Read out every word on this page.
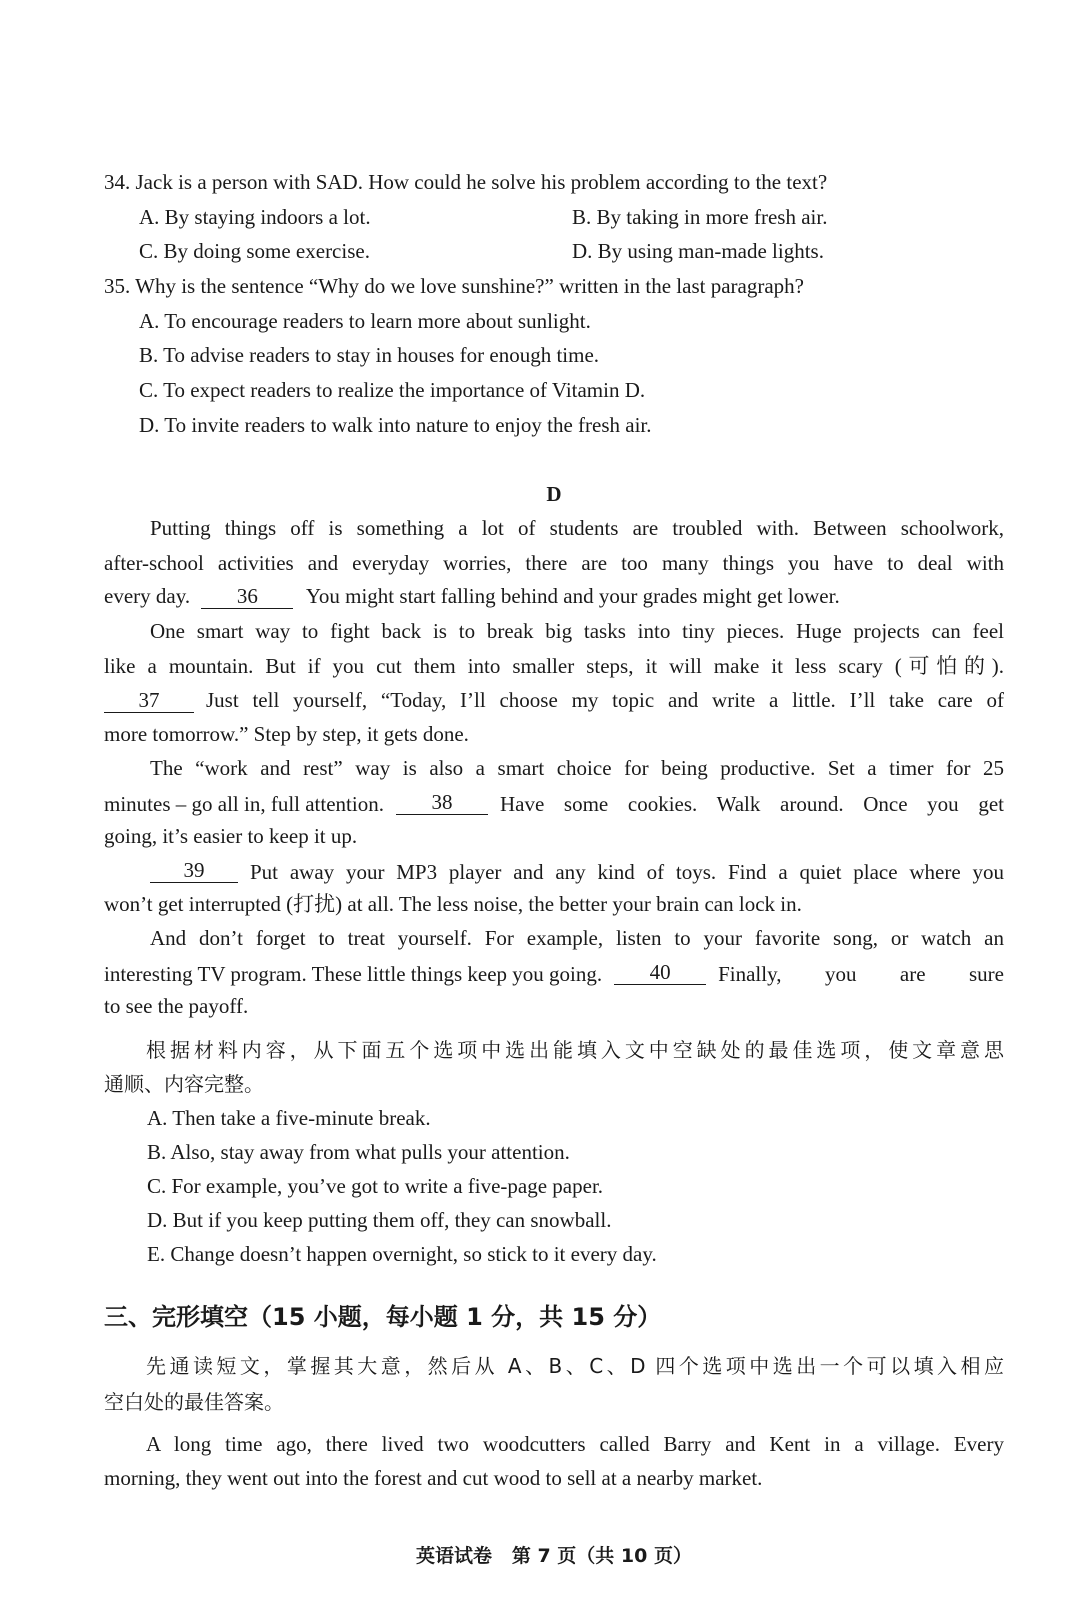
34. Jack is a person with SAD. How could he solve his problem according to the text?
A. By staying indoors a lot.	B. By taking in more fresh air.
C. By doing some exercise.	D. By using man-made lights.
35. Why is the sentence “Why do we love sunshine?” written in the last paragraph?
A. To encourage readers to learn more about sunlight.
B. To advise readers to stay in houses for enough time.
C. To expect readers to realize the importance of Vitamin D.
D. To invite readers to walk into nature to enjoy the fresh air.
D
Putting things off is something a lot of students are troubled with. Between schoolwork,
after-school activities and everyday worries, there are too many things you have to deal with
every day. 36 You might start falling behind and your grades might get lower.
One smart way to fight back is to break big tasks into tiny pieces. Huge projects can feel
like a mountain. But if you cut them into smaller steps, it will make it less scary (可怕的).
37	Just tell yourself, “Today, I’ll choose my topic and write a little. I’ll take care of
more tomorrow.” Step by step, it gets done.
The “work and rest” way is also a smart choice for being productive. Set a timer for 25
minutes – go all in, full attention.	38	Have some cookies. Walk around. Once you get
going, it’s easier to keep it up.
39	Put away your MP3 player and any kind of toys. Find a quiet place where you
won’t get interrupted (打扰) at all. The less noise, the better your brain can lock in.
And don’t forget to treat yourself. For example, listen to your favorite song, or watch an
interesting TV program. These little things keep you going.	40	Finally, you are sure
to see the payoff.
根据材料内容，从下面五个选项中选出能填入文中空缺处的最佳选项，使文章意思
通顺、内容完整。
A. Then take a five-minute break.
B. Also, stay away from what pulls your attention.
C. For example, you’ve got to write a five-page paper.
D. But if you keep putting them off, they can snowball.
E. Change doesn’t happen overnight, so stick to it every day.
三、完形填空（15 小题，每小题 1 分，共 15 分）
先通读短文，掌握其大意，然后从 A、B、C、D 四个选项中选出一个可以填入相应
空白处的最佳答案。
A long time ago, there lived two woodcutters called Barry and Kent in a village. Every
morning, they went out into the forest and cut wood to sell at a nearby market.
英语试卷   第 7 页（共 10 页）
